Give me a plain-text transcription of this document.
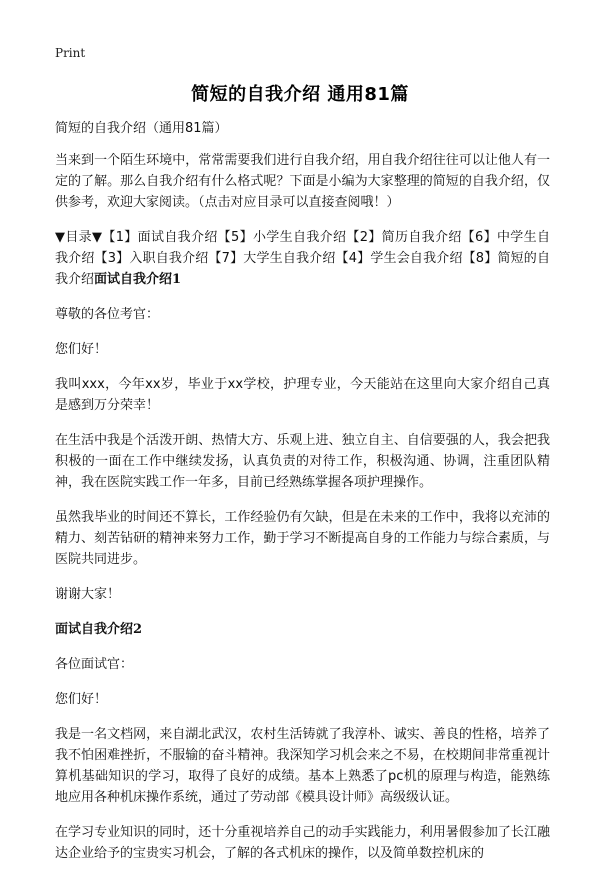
Print
简短的自我介绍 通用81篇

简短的自我介绍（通用81篇）

当来到一个陌生环境中，常常需要我们进行自我介绍，用自我介绍往往可以让他人有一定的了解。那么自我介绍有什么格式呢？下面是小编为大家整理的简短的自我介绍，仅供参考，欢迎大家阅读。（点击对应目录可以直接查阅哦！）

▼目录▼【1】面试自我介绍【5】小学生自我介绍【2】简历自我介绍【6】中学生自我介绍【3】入职自我介绍【7】大学生自我介绍【4】学生会自我介绍【8】简短的自我介绍面试自我介绍1

尊敬的各位考官：

您们好！

我叫xxx，今年xx岁，毕业于xx学校，护理专业，今天能站在这里向大家介绍自己真是感到万分荣幸！

在生活中我是个活泼开朗、热情大方、乐观上进、独立自主、自信要强的人，我会把我积极的一面在工作中继续发扬，认真负责的对待工作，积极沟通、协调，注重团队精神，我在医院实践工作一年多，目前已经熟练掌握各项护理操作。

虽然我毕业的时间还不算长，工作经验仍有欠缺，但是在未来的工作中，我将以充沛的精力、刻苦钻研的精神来努力工作，勤于学习不断提高自身的工作能力与综合素质，与医院共同进步。

谢谢大家！

面试自我介绍2

各位面试官：

您们好！

我是一名文档网，来自湖北武汉，农村生活铸就了我淳朴、诚实、善良的性格，培养了我不怕困难挫折，不服输的奋斗精神。我深知学习机会来之不易，在校期间非常重视计算机基础知识的学习，取得了良好的成绩。基本上熟悉了pc机的原理与构造，能熟练地应用各种机床操作系统，通过了劳动部《模具设计师》高级级认证。

在学习专业知识的同时，还十分重视培养自己的动手实践能力，利用暑假参加了长江融达企业给予的宝贵实习机会，了解的各式机床的操作，以及简单数控机床的
